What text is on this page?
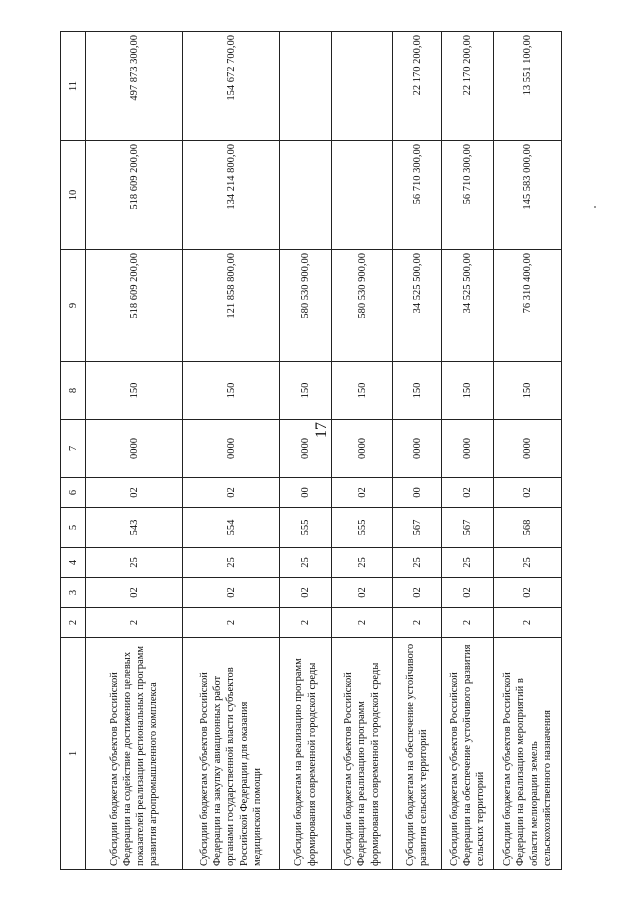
17
1	2	3	4	5	6	7	8	9	10	11
Субсидии бюджетам субъектов Российской Федерации на содействие достижению целевых показателей реализации региональных программ развития агропромышленного комплекса	2	02	25	543	02	0000	150	518 609 200,00	518 609 200,00	497 873 300,00
Субсидии бюджетам субъектов Российской Федерации на закупку авиационных работ органами государственной власти субъектов Российской Федерации для оказания медицинской помощи	2	02	25	554	02	0000	150	121 858 800,00	134 214 800,00	154 672 700,00
Субсидии бюджетам на реализацию программ формирования современной городской среды	2	02	25	555	00	0000	150	580 530 900,00		
Субсидии бюджетам субъектов Российской Федерации на реализацию программ формирования современной городской среды	2	02	25	555	02	0000	150	580 530 900,00		
Субсидии бюджетам на обеспечение устойчивого развития сельских территорий	2	02	25	567	00	0000	150	34 525 500,00	56 710 300,00	22 170 200,00
Субсидии бюджетам субъектов Российской Федерации на обеспечение устойчивого развития сельских территорий	2	02	25	567	02	0000	150	34 525 500,00	56 710 300,00	22 170 200,00
Субсидии бюджетам субъектов Российской Федерации на реализацию мероприятий в области мелиорации земель сельскохозяйственного назначения	2	02	25	568	02	0000	150	76 310 400,00	145 583 000,00	13 551 100,00
